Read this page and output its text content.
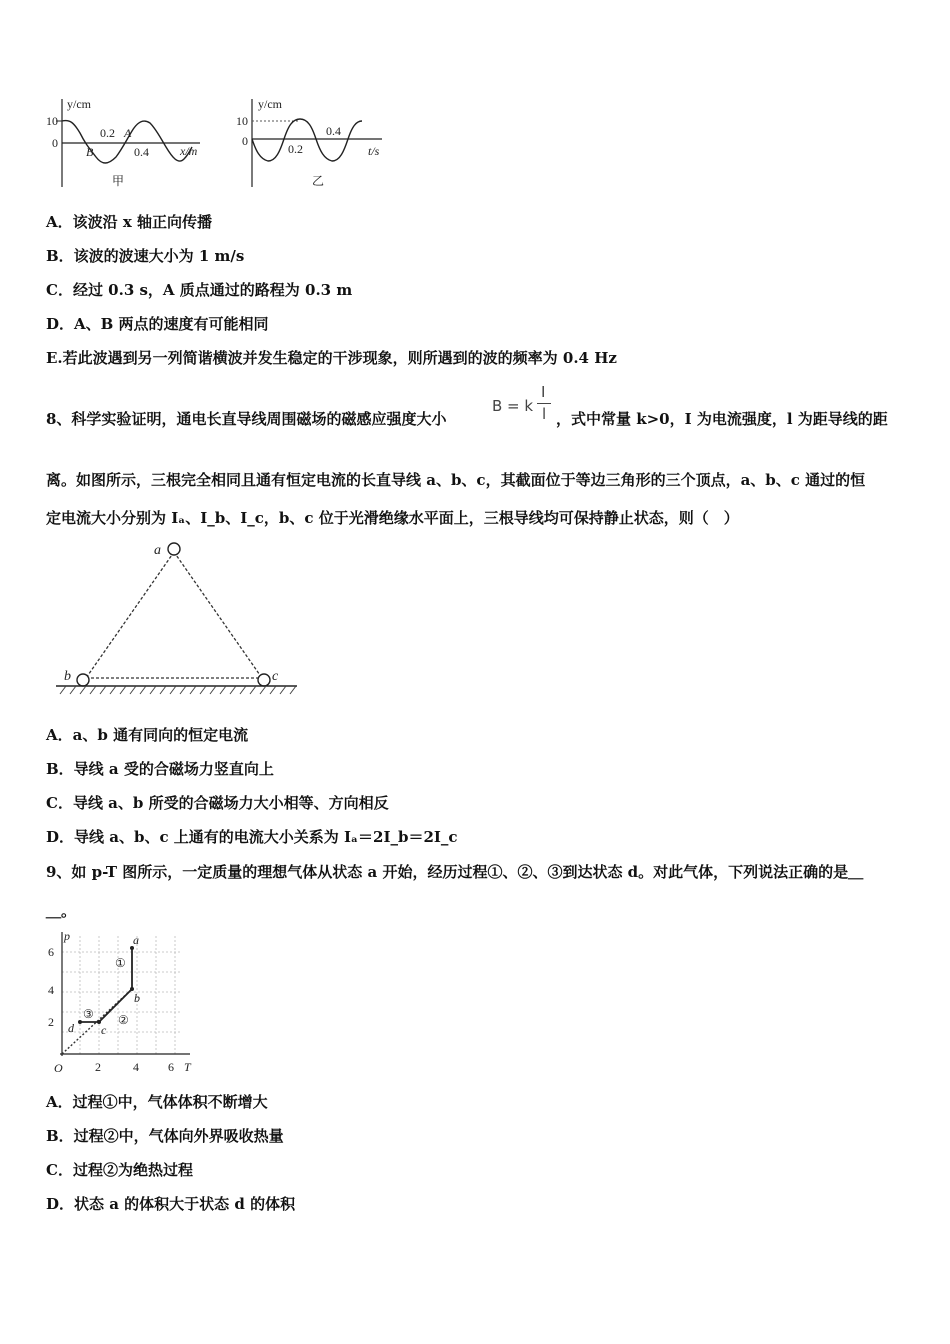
y/cm
10
0
0.2 A
B	0.4	x/m
甲
y/cm
10
0
0.2
0.4
t/s
乙
A．该波沿 x 轴正向传播
B．该波的波速大小为 1 m/s
C．经过 0.3 s，A 质点通过的路程为 0.3 m
D．A、B 两点的速度有可能相同
E.若此波遇到另一列简谐横波并发生稳定的干涉现象，则所遇到的波的频率为 0.4 Hz
8、科学实验证明，通电长直导线周围磁场的磁感应强度大小
B = k
I
l ，式中常量 k>0，I 为电流强度，l 为距导线的距
离。如图所示，三根完全相同且通有恒定电流的长直导线 a、b、c，其截面位于等边三角形的三个顶点，a、b、c 通过的恒
定电流大小分别为 Iₐ、I_b、I_c，b、c 位于光滑绝缘水平面上，三根导线均可保持静止状态，则（　）
a
b	c
A．a、b 通有同向的恒定电流
B．导线 a 受的合磁场力竖直向上
C．导线 a、b 所受的合磁场力大小相等、方向相反
D．导线 a、b、c 上通有的电流大小关系为 Iₐ＝2I_b＝2I_c
9、如 p-T 图所示，一定质量的理想气体从状态 a 开始，经历过程①、②、③到达状态 d。对此气体，下列说法正确的是＿
＿。
p
T
O
6
4
2
2	4 6
a
b
c
d
①
②
③
A．过程①中，气体体积不断增大
B．过程②中，气体向外界吸收热量
C．过程②为绝热过程
D．状态 a 的体积大于状态 d 的体积
